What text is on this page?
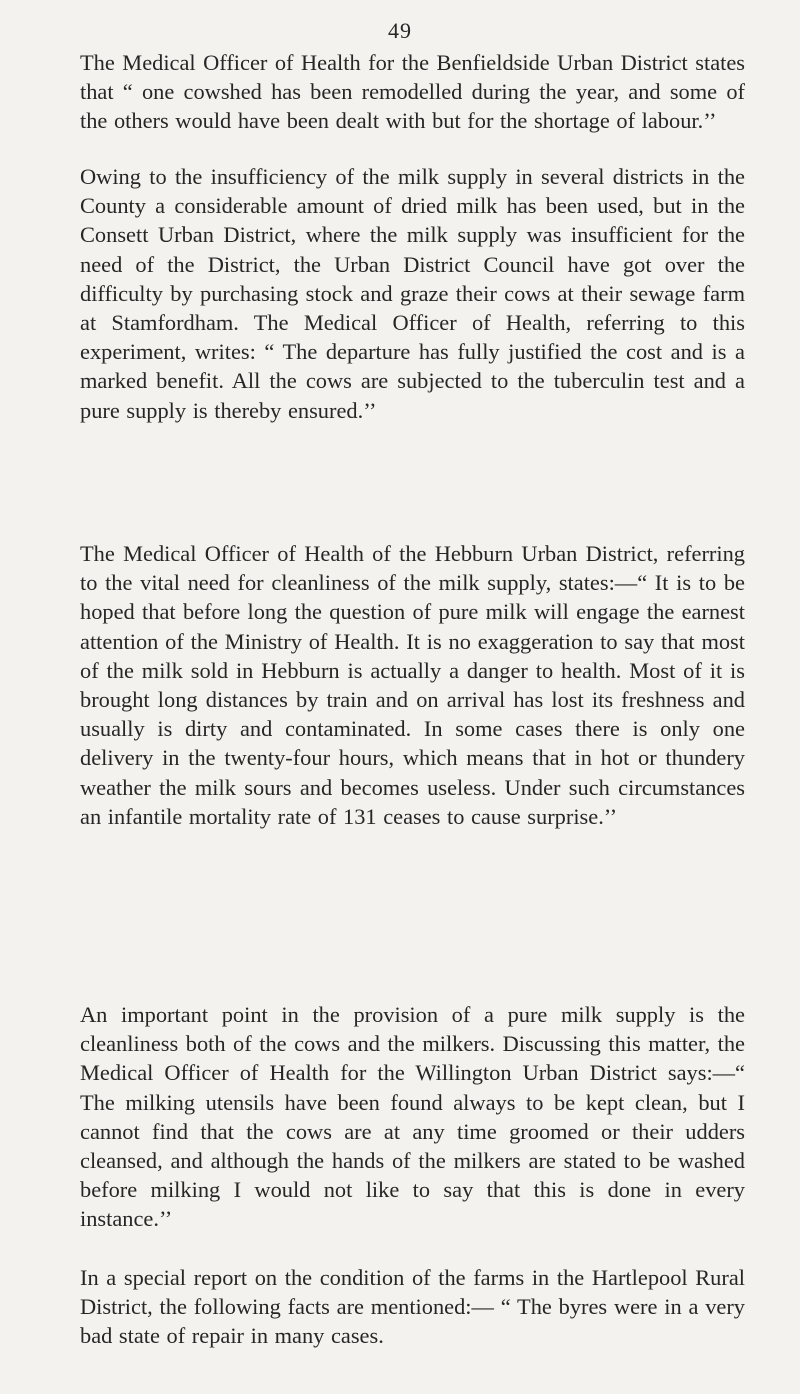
49

The Medical Officer of Health for the Benfieldside Urban District states that “ one cowshed has been remodelled during the year, and some of the others would have been dealt with but for the shortage of labour.’’

Owing to the insufficiency of the milk supply in several districts in the County a considerable amount of dried milk has been used, but in the Consett Urban District, where the milk supply was insufficient for the need of the District, the Urban District Council have got over the difficulty by purchasing stock and graze their cows at their sewage farm at Stamfordham. The Medical Officer of Health, referring to this experiment, writes: “ The departure has fully justified the cost and is a marked benefit. All the cows are subjected to the tuberculin test and a pure supply is thereby ensured.’’

The Medical Officer of Health of the Hebburn Urban District, referring to the vital need for cleanliness of the milk supply, states:—“ It is to be hoped that before long the question of pure milk will engage the earnest attention of the Ministry of Health. It is no exaggeration to say that most of the milk sold in Hebburn is actually a danger to health. Most of it is brought long distances by train and on arrival has lost its freshness and usually is dirty and contaminated. In some cases there is only one delivery in the twenty-four hours, which means that in hot or thundery weather the milk sours and becomes useless. Under such circumstances an infantile mortality rate of 131 ceases to cause surprise.’’

An important point in the provision of a pure milk supply is the cleanliness both of the cows and the milkers. Discussing this matter, the Medical Officer of Health for the Willington Urban District says:—“ The milking utensils have been found always to be kept clean, but I cannot find that the cows are at any time groomed or their udders cleansed, and although the hands of the milkers are stated to be washed before milking I would not like to say that this is done in every instance.’’

In a special report on the condition of the farms in the Hartlepool Rural District, the following facts are mentioned:— “ The byres were in a very bad state of repair in many cases.
